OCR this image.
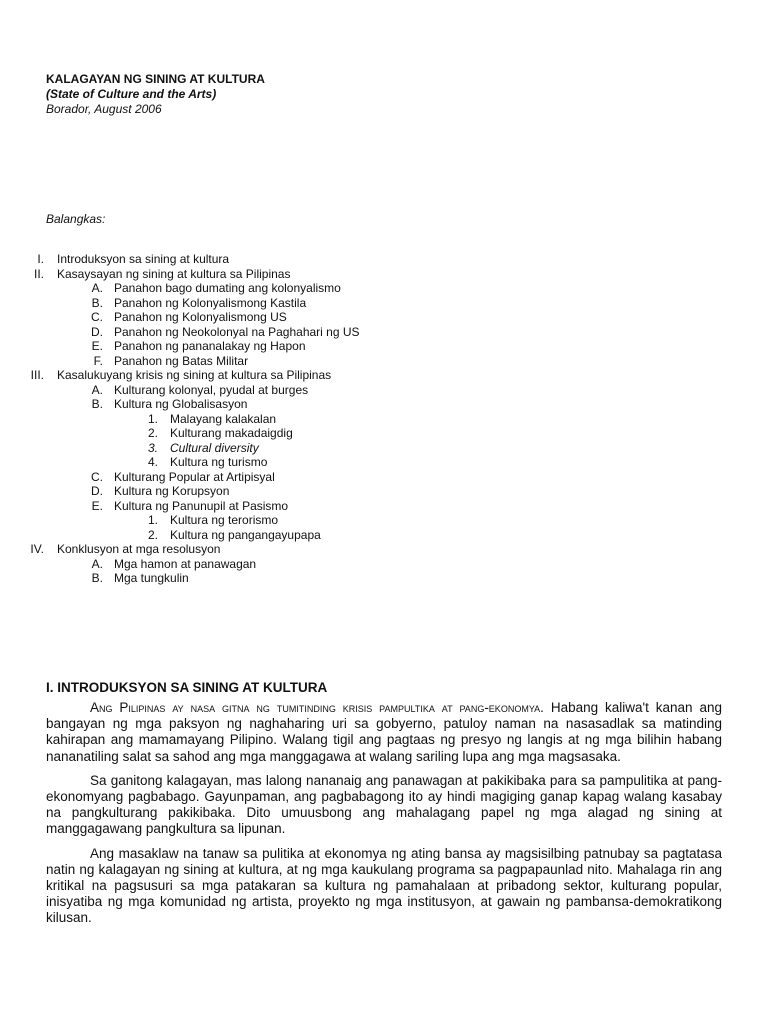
KALAGAYAN NG SINING AT KULTURA
(State of Culture and the Arts)
Borador, August 2006
Balangkas:
I. Introduksyon sa sining at kultura
II. Kasaysayan ng sining at kultura sa Pilipinas
A. Panahon bago dumating ang kolonyalismo
B. Panahon ng Kolonyalismong Kastila
C. Panahon ng Kolonyalismong US
D. Panahon ng Neokolonyal na Paghahari ng US
E. Panahon ng pananalakay ng Hapon
F. Panahon ng Batas Militar
III. Kasalukuyang krisis ng sining at kultura sa Pilipinas
A. Kulturang kolonyal, pyudal at burges
B. Kultura ng Globalisasyon
1. Malayang kalakalan
2. Kulturang makadaigdig
3. Cultural diversity
4. Kultura ng turismo
C. Kulturang Popular at Artipisyal
D. Kultura ng Korupsyon
E. Kultura ng Panunupil at Pasismo
1. Kultura ng terorismo
2. Kultura ng pangangayupapa
IV. Konklusyon at mga resolusyon
A. Mga hamon at panawagan
B. Mga tungkulin
I. INTRODUKSYON SA SINING AT KULTURA

Ang Pilipinas ay nasa gitna ng tumitinding krisis pampultika at pang-ekonomya. Habang kaliwa't kanan ang bangayan ng mga paksyon ng naghaharing uri sa gobyerno, patuloy naman na nasasadlak sa matinding kahirapan ang mamamayang Pilipino. Walang tigil ang pagtaas ng presyo ng langis at ng mga bilihin habang nananatiling salat sa sahod ang mga manggagawa at walang sariling lupa ang mga magsasaka.

Sa ganitong kalagayan, mas lalong nananaig ang panawagan at pakikibaka para sa pampulitika at pang-ekonomyang pagbabago. Gayunpaman, ang pagbabagong ito ay hindi magiging ganap kapag walang kasabay na pangkulturang pakikibaka. Dito umuusbong ang mahalagang papel ng mga alagad ng sining at manggagawang pangkultura sa lipunan.

Ang masaklaw na tanaw sa pulitika at ekonomya ng ating bansa ay magsisilbing patnubay sa pagtatasa natin ng kalagayan ng sining at kultura, at ng mga kaukulang programa sa pagpapaunlad nito. Mahalaga rin ang kritikal na pagsusuri sa mga patakaran sa kultura ng pamahalaan at pribadong sektor, kulturang popular, inisyatiba ng mga komunidad ng artista, proyekto ng mga institusyon, at gawain ng pambansa-demokratikong kilusan.
